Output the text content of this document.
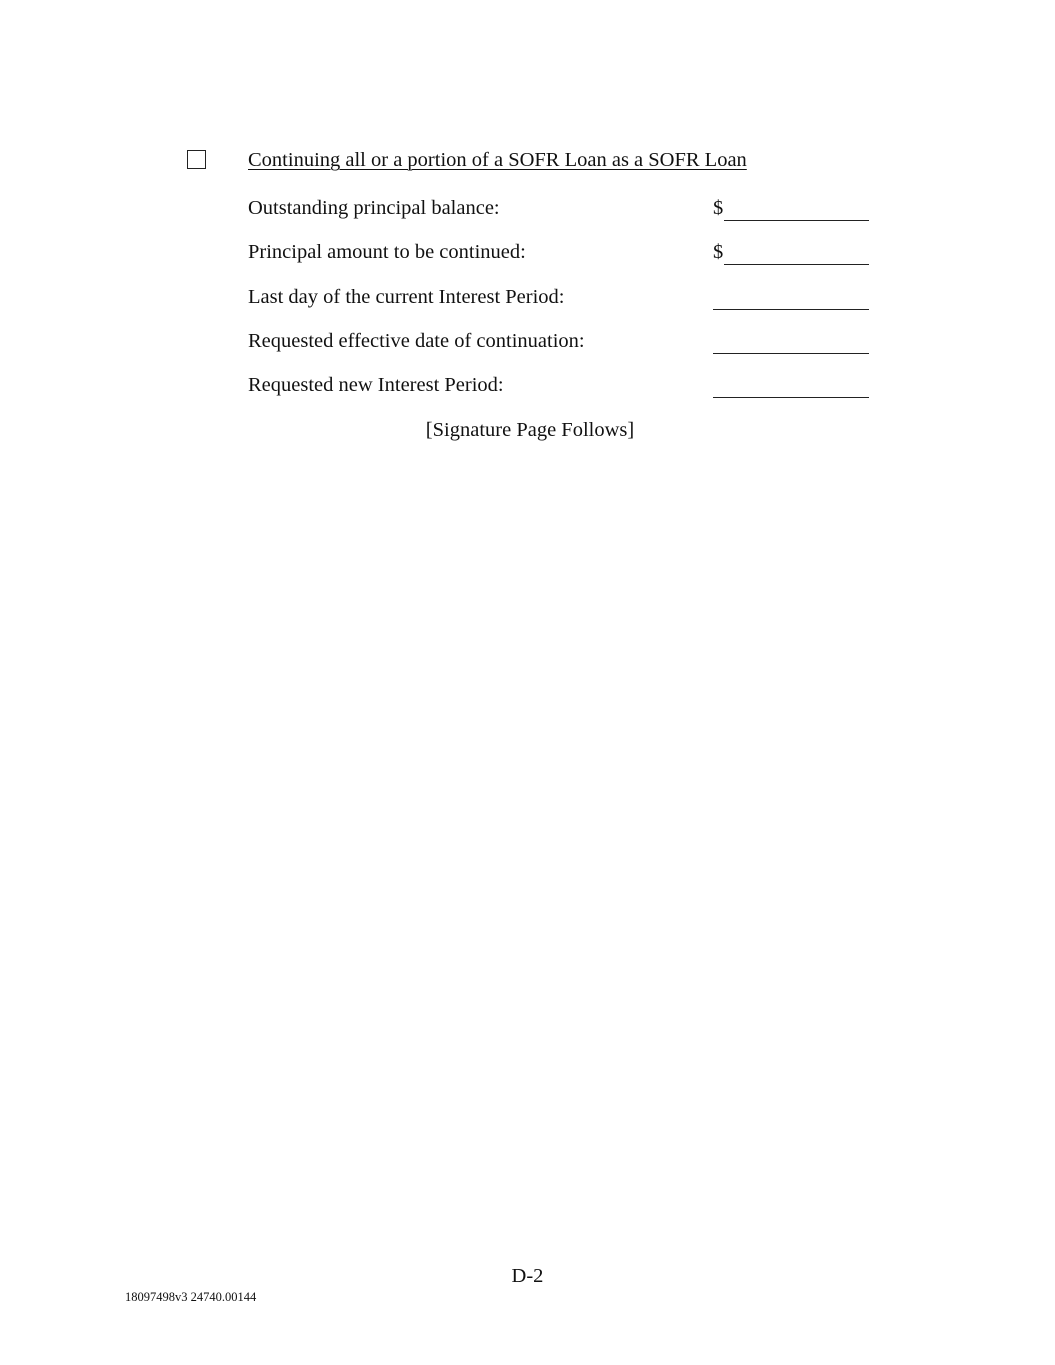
Continuing all or a portion of a SOFR Loan as a SOFR Loan
Outstanding principal balance:	$
Principal amount to be continued:	$
Last day of the current Interest Period:
Requested effective date of continuation:
Requested new Interest Period:
[Signature Page Follows]
D-2
18097498v3 24740.00144
